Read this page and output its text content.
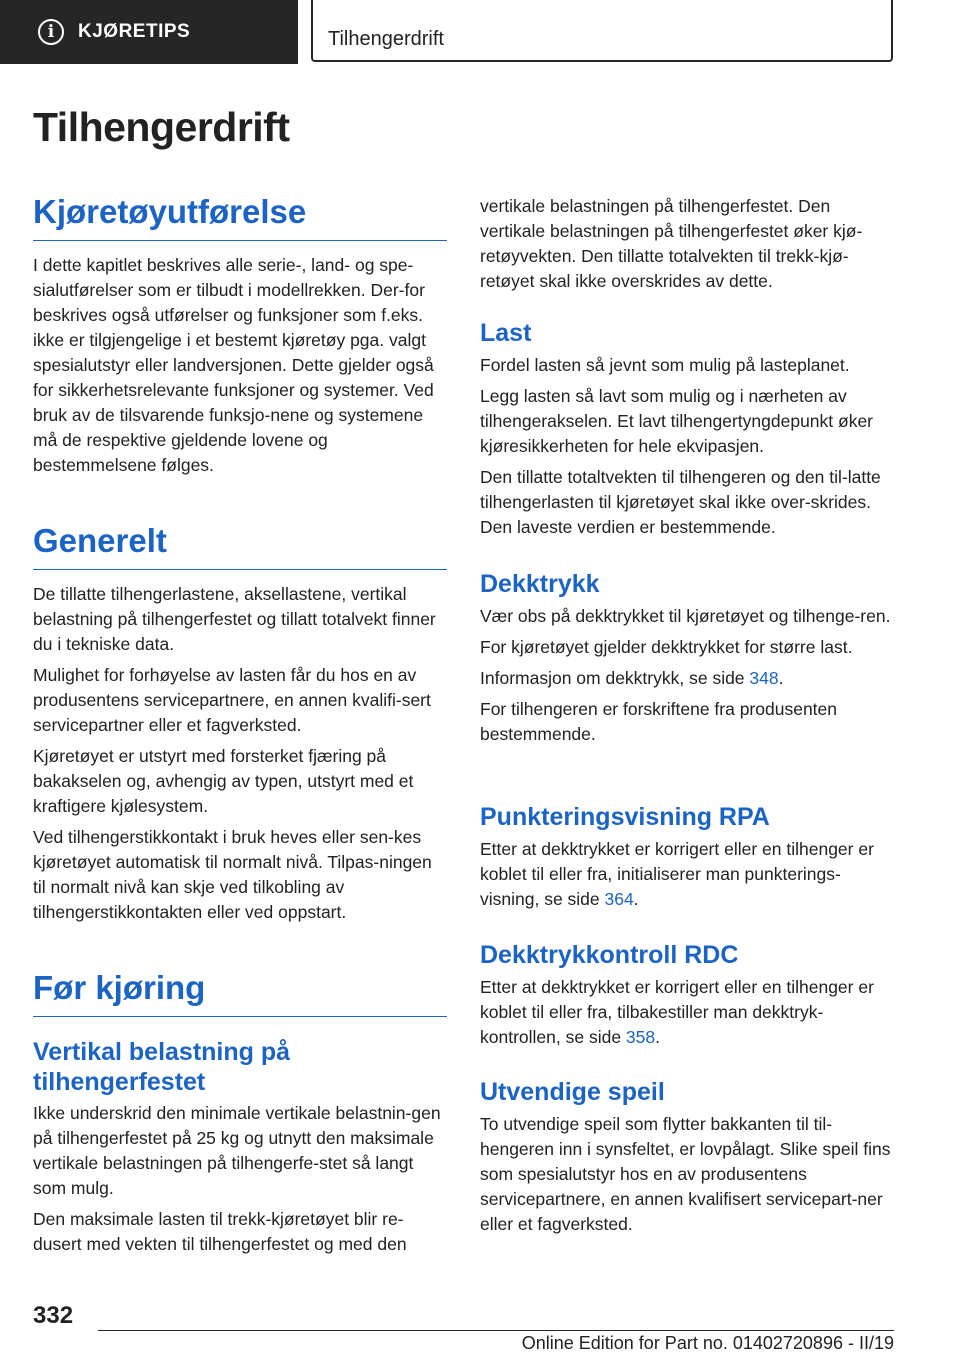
i	KJØRETIPS	Tilhengerdrift
Tilhengerdrift
Kjøretøyutførelse

I dette kapitlet beskrives alle serie-, land- og spe-sialutførelser som er tilbudt i modellrekken. Der-for beskrives også utførelser og funksjoner som f.eks. ikke er tilgjengelige i et bestemt kjøretøy pga. valgt spesialutstyr eller landversjonen. Dette gjelder også for sikkerhetsrelevante funksjoner og systemer. Ved bruk av de tilsvarende funksjo-nene og systemene må de respektive gjeldende lovene og bestemmelsene følges.

Generelt

De tillatte tilhengerlastene, aksellastene, vertikal belastning på tilhengerfestet og tillatt totalvekt finner du i tekniske data.

Mulighet for forhøyelse av lasten får du hos en av produsentens servicepartnere, en annen kvalifi-sert servicepartner eller et fagverksted.

Kjøretøyet er utstyrt med forsterket fjæring på bakakselen og, avhengig av typen, utstyrt med et kraftigere kjølesystem.

Ved tilhengerstikkontakt i bruk heves eller sen-kes kjøretøyet automatisk til normalt nivå. Tilpas-ningen til normalt nivå kan skje ved tilkobling av tilhengerstikkontakten eller ved oppstart.

Før kjøring
Vertikal belastning på tilhengerfestet

Ikke underskrid den minimale vertikale belastnin-gen på tilhengerfestet på 25 kg og utnytt den maksimale vertikale belastningen på tilhengerfe-stet så langt som mulg.

Den maksimale lasten til trekk-kjøretøyet blir re-dusert med vekten til tilhengerfestet og med den

vertikale belastningen på tilhengerfestet. Den vertikale belastningen på tilhengerfestet øker kjø-retøyvekten. Den tillatte totalvekten til trekk-kjø-retøyet skal ikke overskrides av dette.

Last

Fordel lasten så jevnt som mulig på lasteplanet.

Legg lasten så lavt som mulig og i nærheten av tilhengerakselen. Et lavt tilhengertyngdepunkt øker kjøresikkerheten for hele ekvipasjen.

Den tillatte totaltvekten til tilhengeren og den til-latte tilhengerlasten til kjøretøyet skal ikke over-skrides. Den laveste verdien er bestemmende.

Dekktrykk

Vær obs på dekktrykket til kjøretøyet og tilhenge-ren.

For kjøretøyet gjelder dekktrykket for større last.

Informasjon om dekktrykk, se side 348.

For tilhengeren er forskriftene fra produsenten bestemmende.

Punkteringsvisning RPA

Etter at dekktrykket er korrigert eller en tilhenger er koblet til eller fra, initialiserer man punkterings-visning, se side 364.

Dekktrykkontroll RDC

Etter at dekktrykket er korrigert eller en tilhenger er koblet til eller fra, tilbakestiller man dekktryk-kontrollen, se side 358.

Utvendige speil

To utvendige speil som flytter bakkanten til til-hengeren inn i synsfeltet, er lovpålagt. Slike speil fins som spesialutstyr hos en av produsentens servicepartnere, en annen kvalifisert servicepart-ner eller et fagverksted.

332
Online Edition for Part no. 01402720896 - II/19
